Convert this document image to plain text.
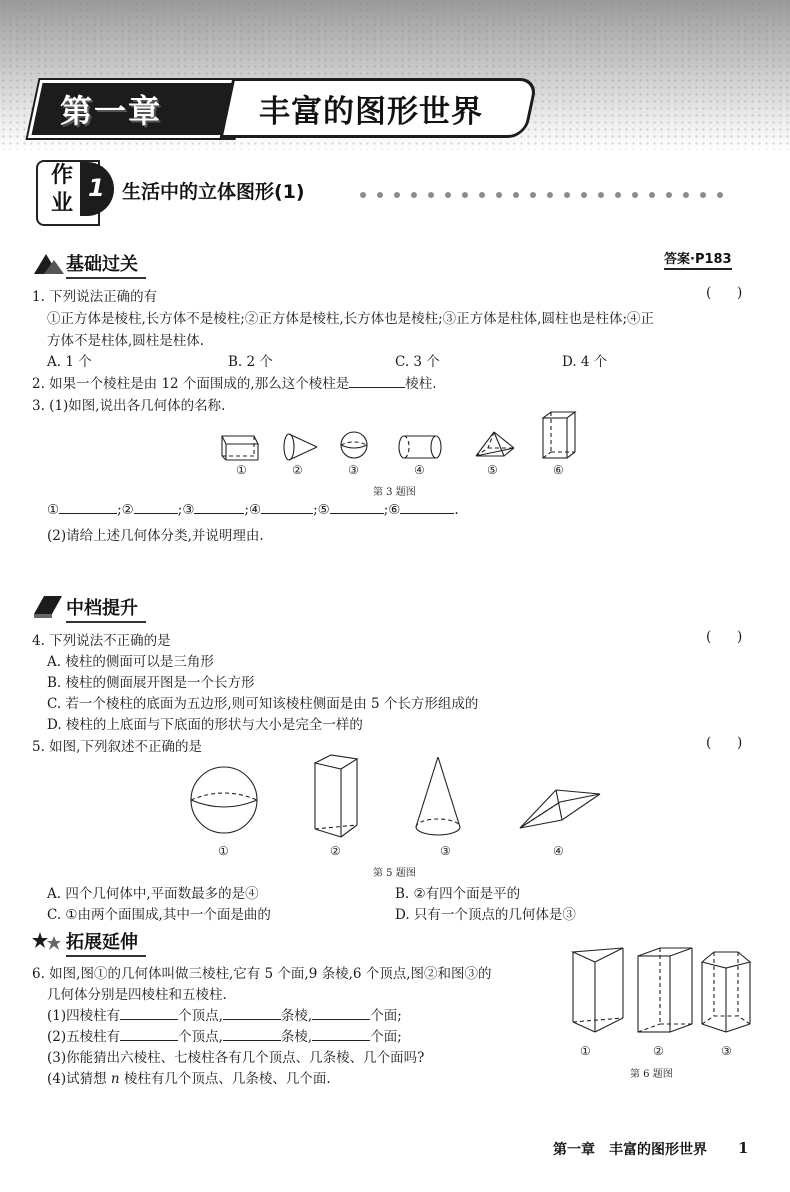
第一章	丰富的图形世界
作业
1 生活中的立体图形(1)
基础过关	答案·P183
1. 下列说法正确的有	(      )
①正方体是棱柱,长方体不是棱柱;②正方体是棱柱,长方体也是棱柱;③正方体是柱体,圆柱也是柱体;④正
方体不是柱体,圆柱是柱体.
A. 1 个	B. 2 个	C. 3 个	D. 4 个
2. 如果一个棱柱是由 12 个面围成的,那么这个棱柱是	棱柱.
3. (1)如图,说出各几何体的名称.
①	②	③	④	⑤	⑥
第 3 题图
①	;②	;③	;④	;⑤	;⑥	.
(2)请给上述几何体分类,并说明理由.
中档提升
4. 下列说法不正确的是	(      )
A. 棱柱的侧面可以是三角形
B. 棱柱的侧面展开图是一个长方形
C. 若一个棱柱的底面为五边形,则可知该棱柱侧面是由 5 个长方形组成的
D. 棱柱的上底面与下底面的形状与大小是完全一样的
5. 如图,下列叙述不正确的是	(      )
①	②	③	④
第 5 题图
A. 四个几何体中,平面数最多的是④	B. ②有四个面是平的
C. ①由两个面围成,其中一个面是曲的	D. 只有一个顶点的几何体是③
拓展延伸
6. 如图,图①的几何体叫做三棱柱,它有 5 个面,9 条棱,6 个顶点,图②和图③的
几何体分别是四棱柱和五棱柱.
(1)四棱柱有	个顶点,	条棱,	个面;
(2)五棱柱有	个顶点,	条棱,	个面;
(3)你能猜出六棱柱、七棱柱各有几个顶点、几条棱、几个面吗?
(4)试猜想 n 棱柱有几个顶点、几条棱、几个面.
①	②	③
第 6 题图
第一章 丰富的图形世界 1
